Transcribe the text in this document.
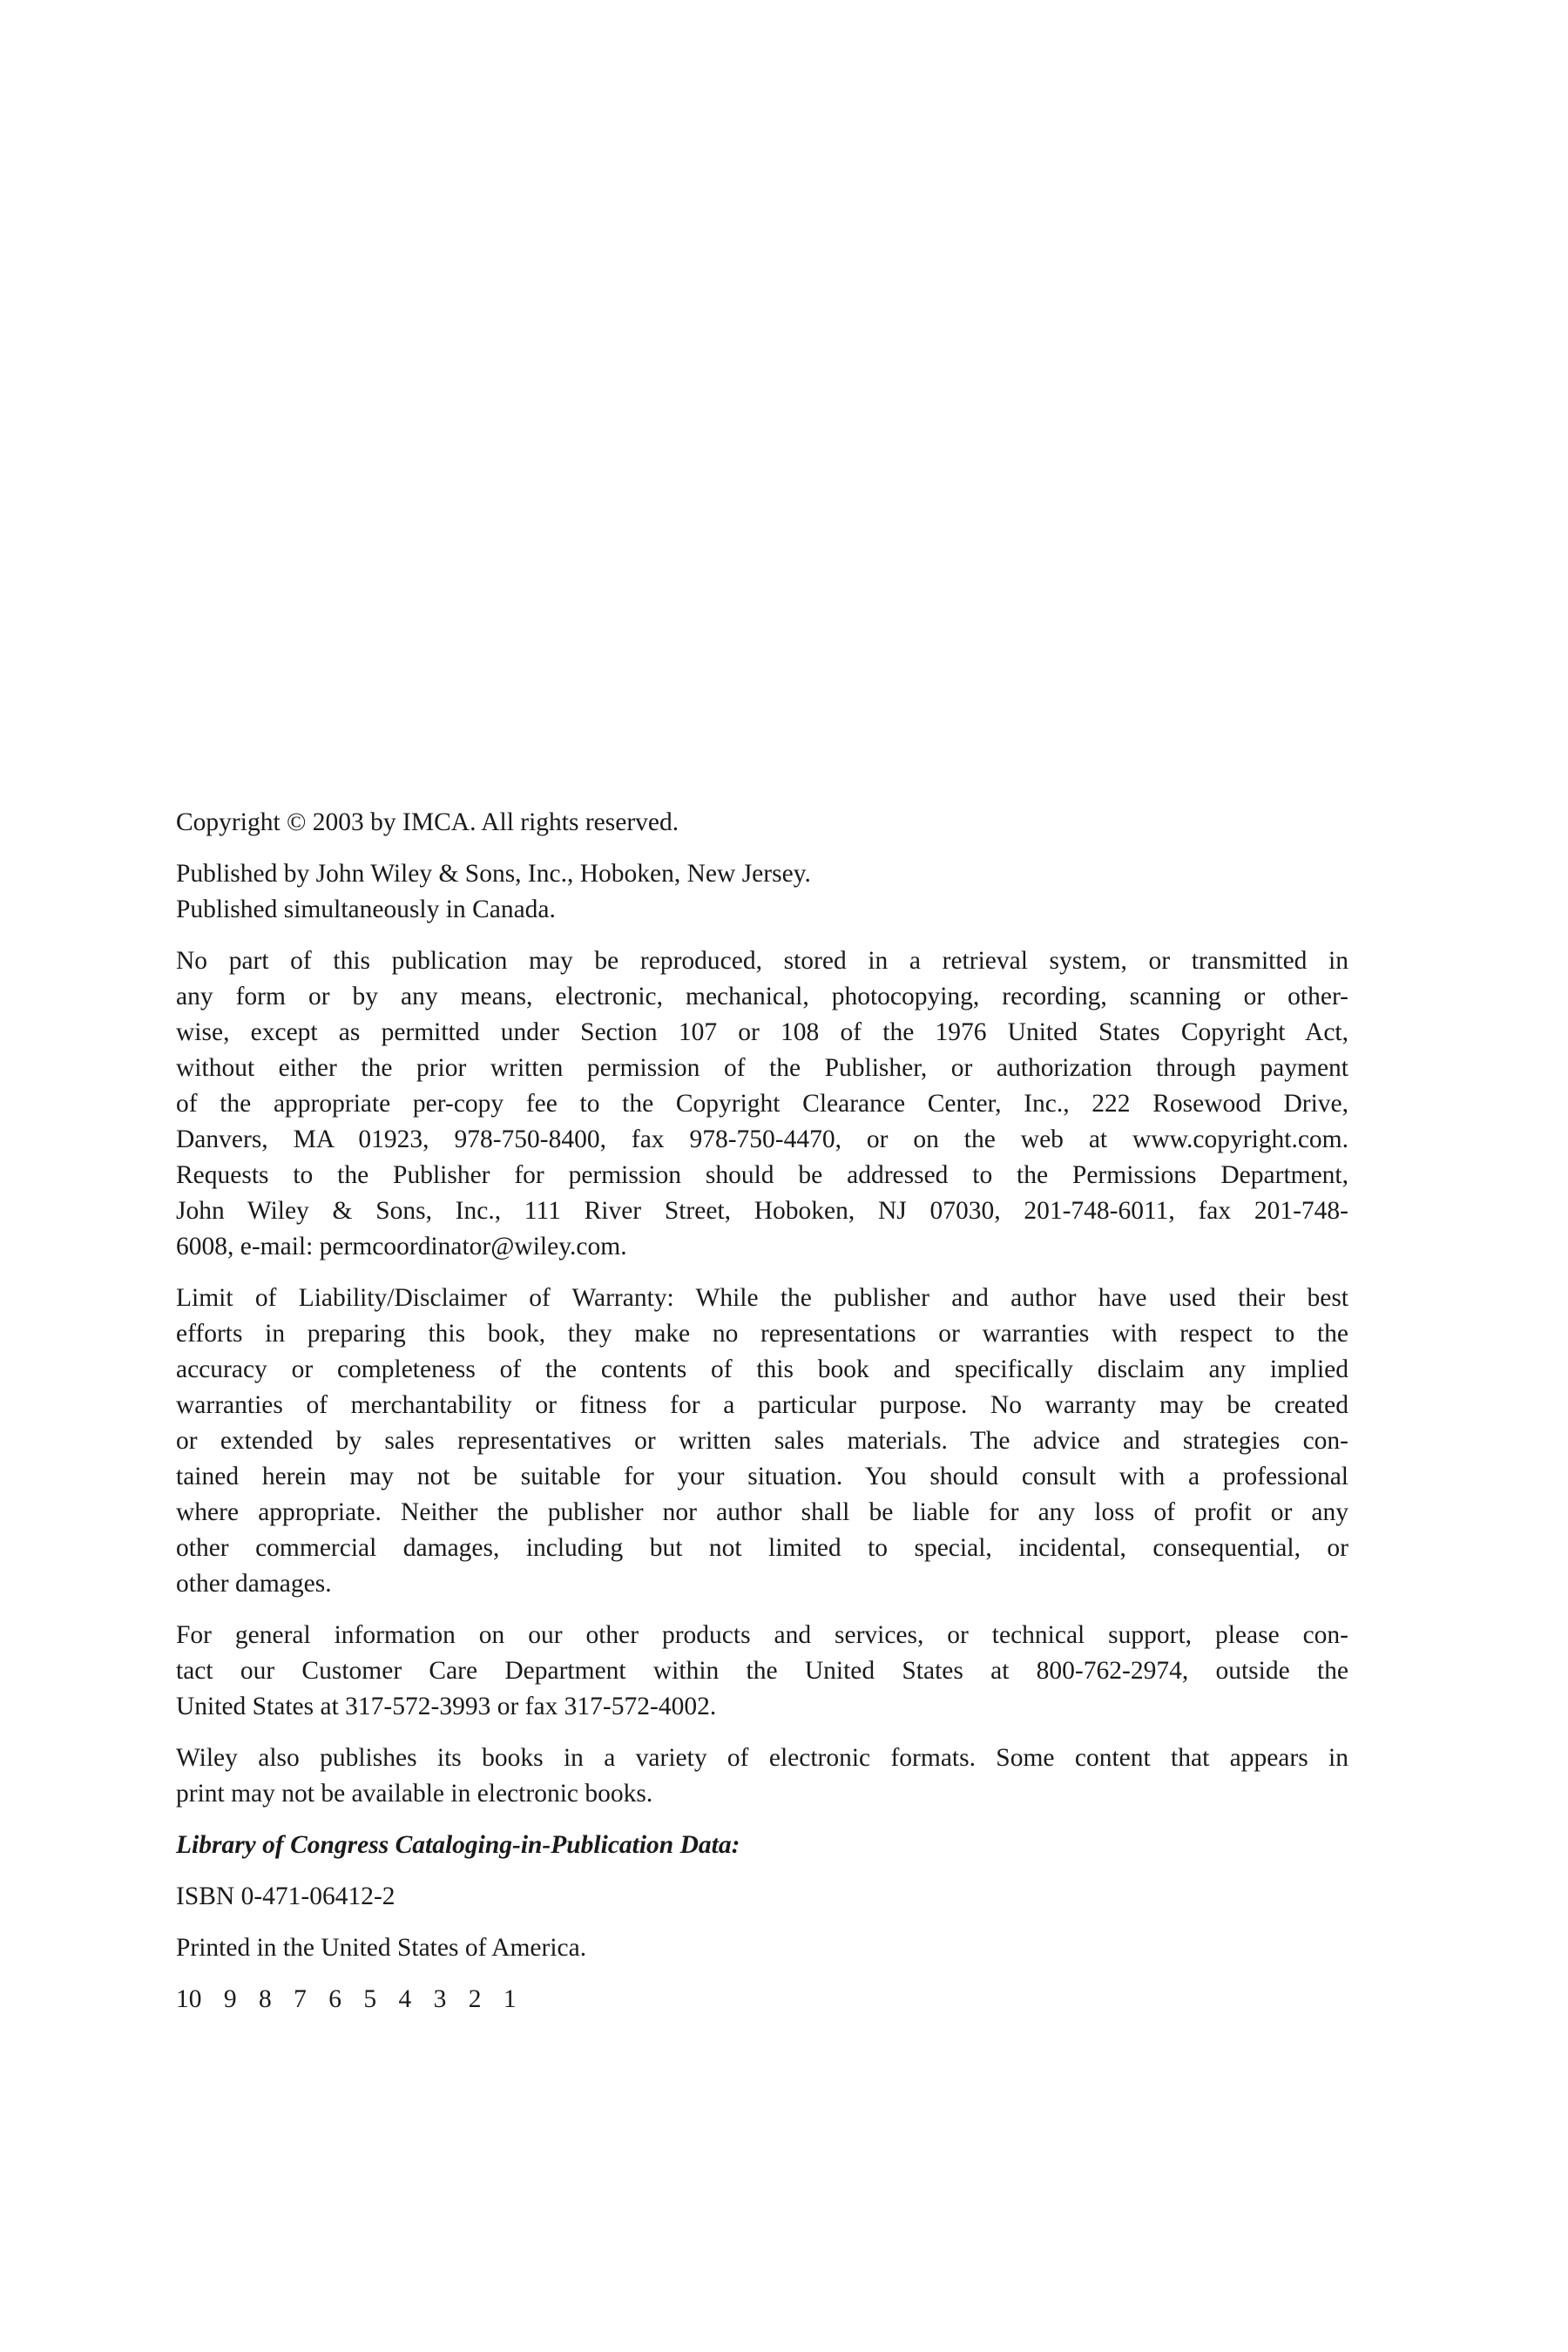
Copyright © 2003 by IMCA. All rights reserved.

Published by John Wiley & Sons, Inc., Hoboken, New Jersey.
Published simultaneously in Canada.

No part of this publication may be reproduced, stored in a retrieval system, or transmitted in
any form or by any means, electronic, mechanical, photocopying, recording, scanning or other-
wise, except as permitted under Section 107 or 108 of the 1976 United States Copyright Act,
without either the prior written permission of the Publisher, or authorization through payment
of the appropriate per-copy fee to the Copyright Clearance Center, Inc., 222 Rosewood Drive,
Danvers, MA 01923, 978-750-8400, fax 978-750-4470, or on the web at www.copyright.com.
Requests to the Publisher for permission should be addressed to the Permissions Department,
John Wiley & Sons, Inc., 111 River Street, Hoboken, NJ 07030, 201-748-6011, fax 201-748-
6008, e-mail: permcoordinator@wiley.com.

Limit of Liability/Disclaimer of Warranty: While the publisher and author have used their best
efforts in preparing this book, they make no representations or warranties with respect to the
accuracy or completeness of the contents of this book and specifically disclaim any implied
warranties of merchantability or fitness for a particular purpose. No warranty may be created
or extended by sales representatives or written sales materials. The advice and strategies con-
tained herein may not be suitable for your situation. You should consult with a professional
where appropriate. Neither the publisher nor author shall be liable for any loss of profit or any
other commercial damages, including but not limited to special, incidental, consequential, or
other damages.

For general information on our other products and services, or technical support, please con-
tact our Customer Care Department within the United States at 800-762-2974, outside the
United States at 317-572-3993 or fax 317-572-4002.

Wiley also publishes its books in a variety of electronic formats. Some content that appears in
print may not be available in electronic books.

Library of Congress Cataloging-in-Publication Data:

ISBN 0-471-06412-2

Printed in the United States of America.

10 9 8 7 6 5 4 3 2 1
